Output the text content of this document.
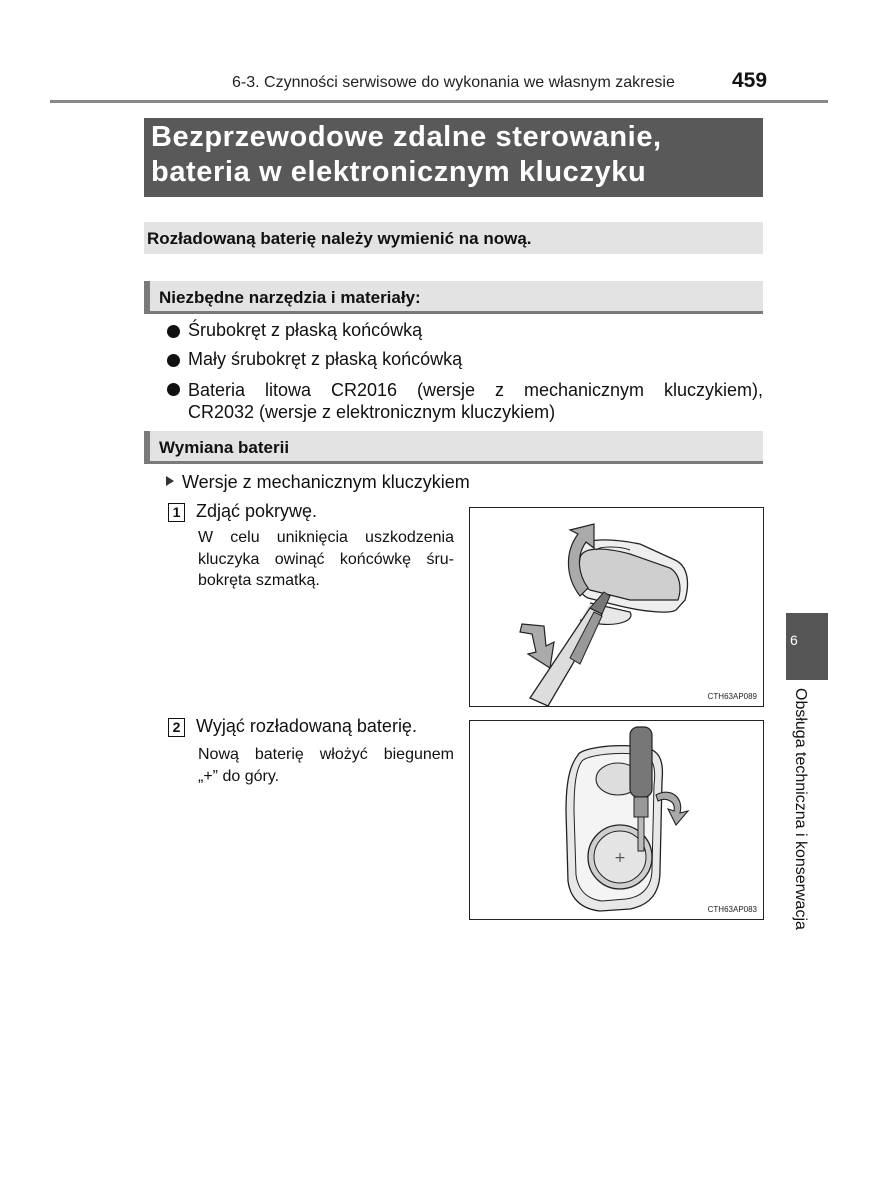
6-3. Czynności serwisowe do wykonania we własnym zakresie	459
Bezprzewodowe zdalne sterowanie,
bateria w elektronicznym kluczyku
Rozładowaną baterię należy wymienić na nową.
Niezbędne narzędzia i materiały:
Śrubokręt z płaską końcówką
Mały śrubokręt z płaską końcówką
Bateria litowa CR2016 (wersje z mechanicznym kluczykiem),
CR2032 (wersje z elektronicznym kluczykiem)
Wymiana baterii
Wersje z mechanicznym kluczykiem
1 Zdjąć pokrywę.
W celu uniknięcia uszkodzenia
kluczyka owinąć końcówkę śru-
bokręta szmatką.
CTH63AP089
2 Wyjąć rozładowaną baterię.
Nową baterię włożyć biegunem
„+” do góry.
+
CTH63AP083
6
Obsługa techniczna i konserwacja
